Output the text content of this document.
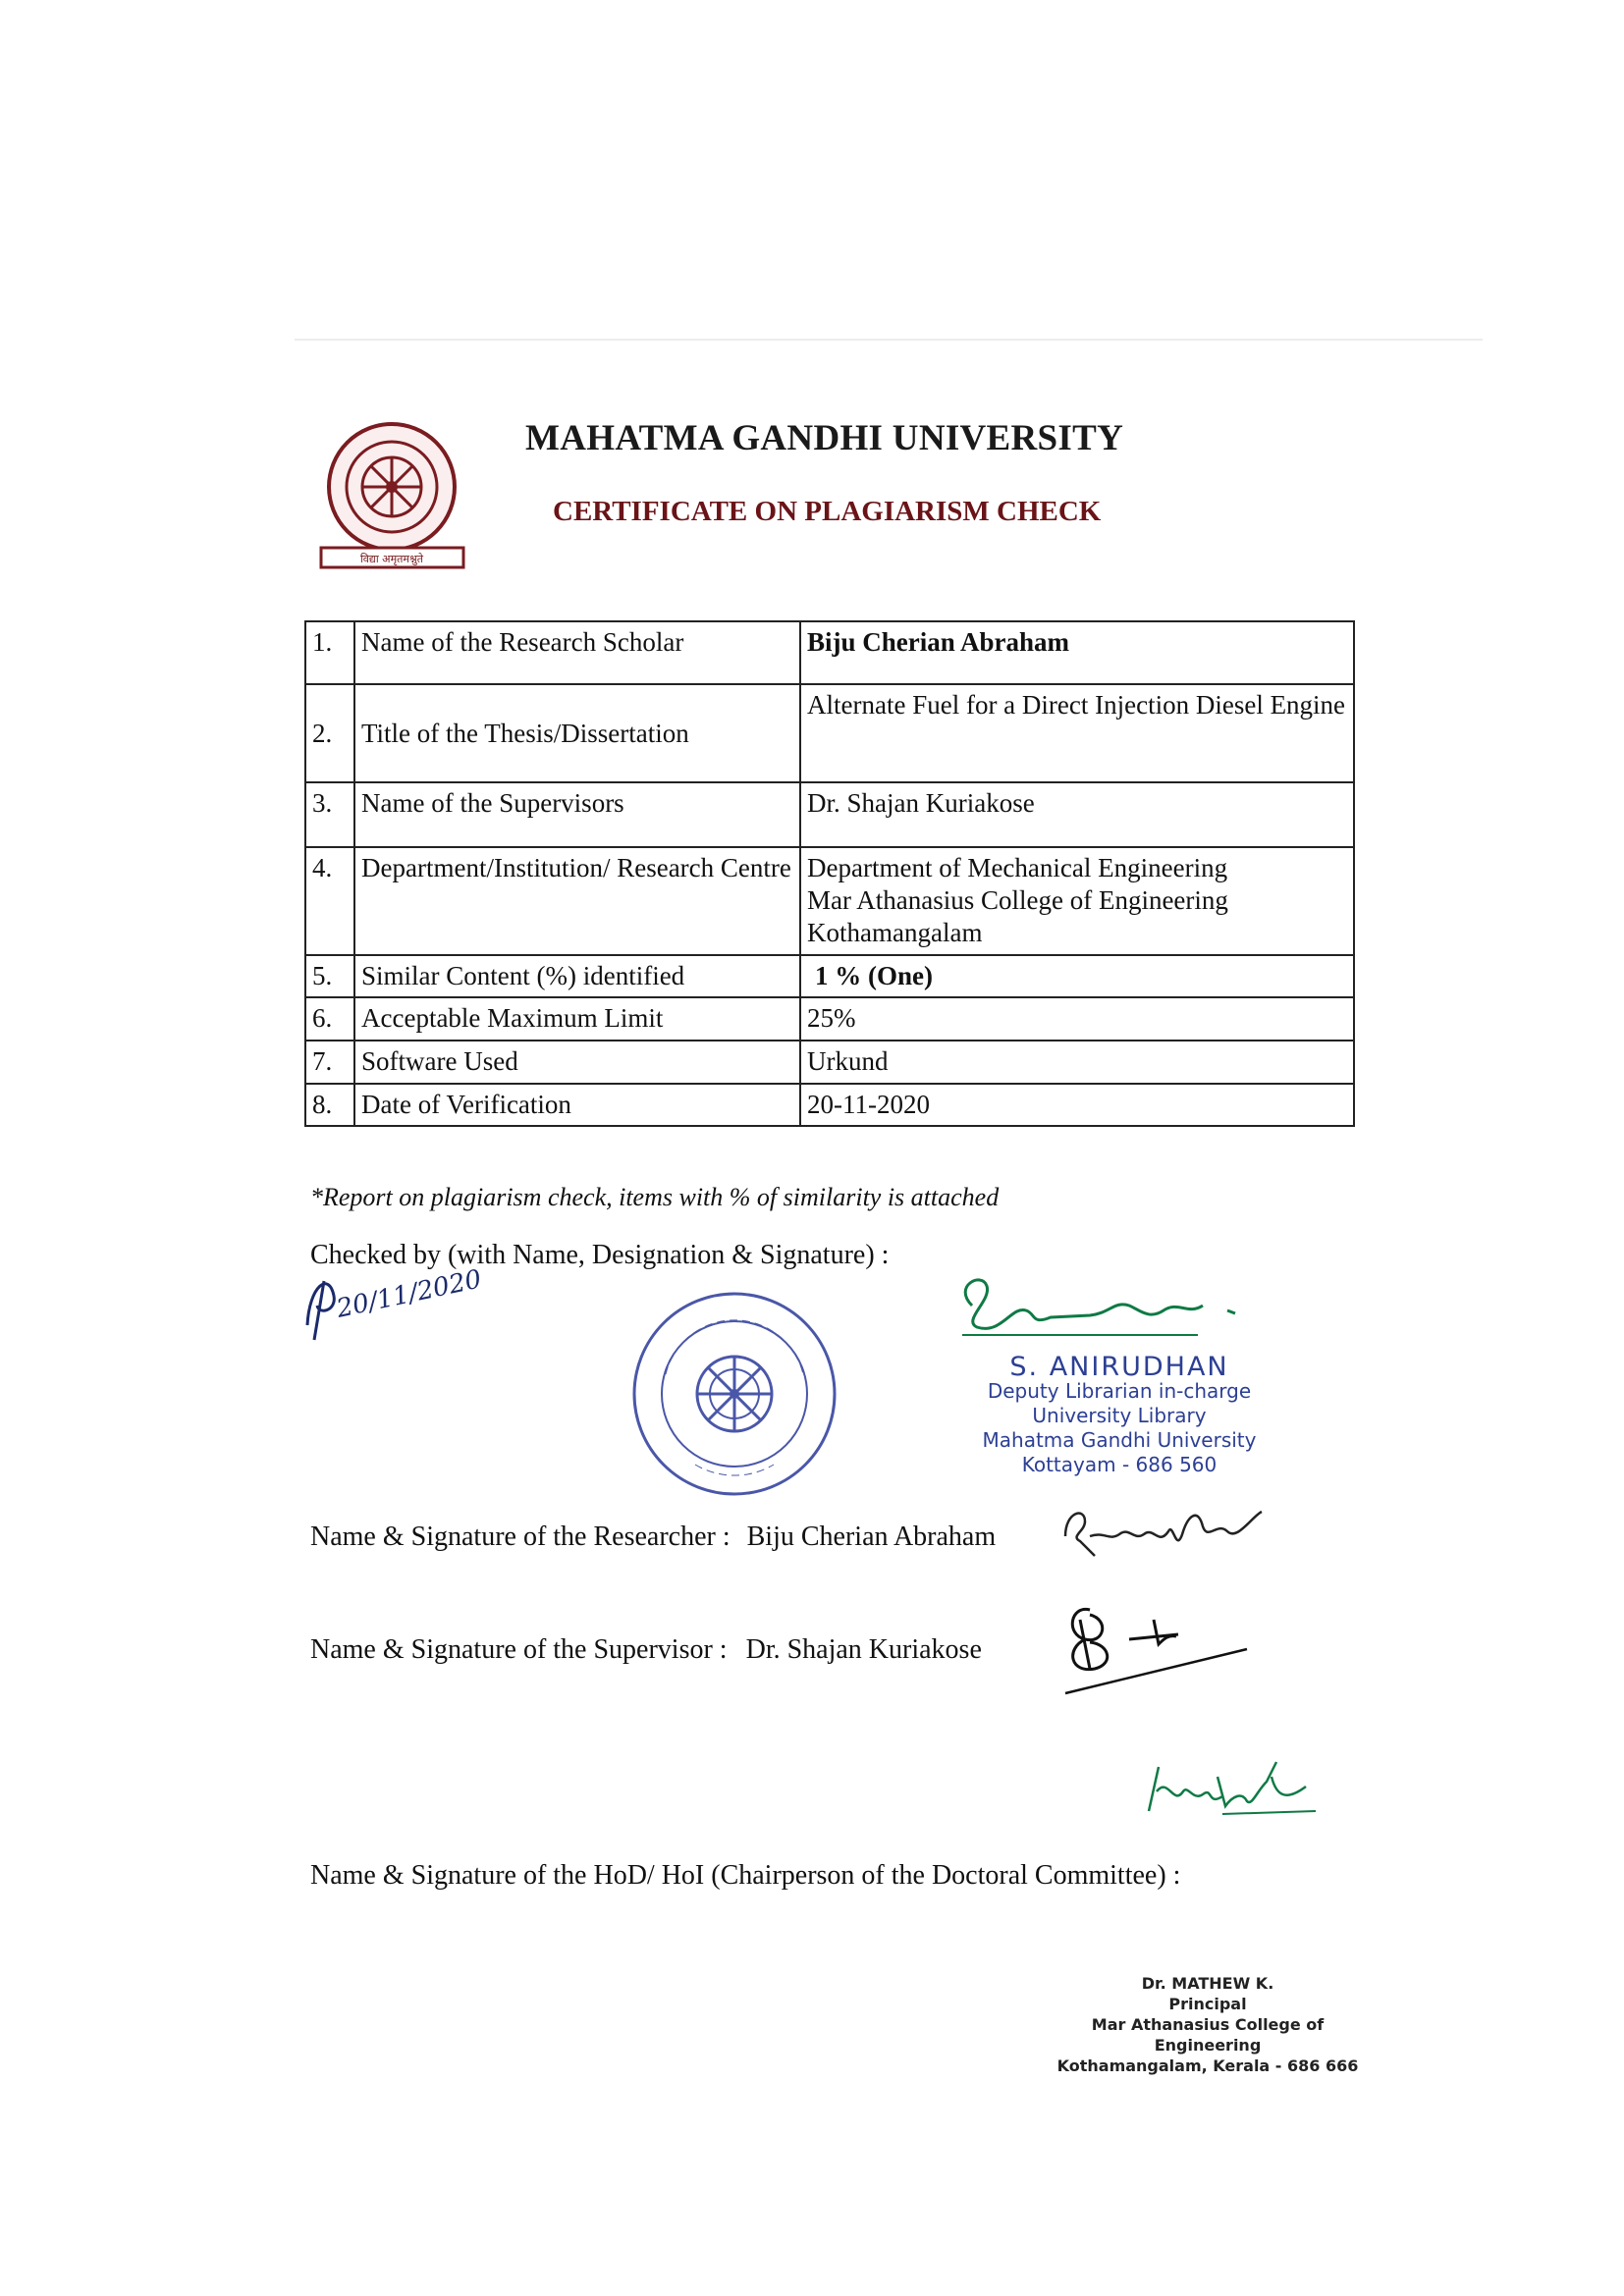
विद्या अमृतमश्नुते
MAHATMA GANDHI UNIVERSITY
CERTIFICATE ON PLAGIARISM CHECK
1.	Name of the Research Scholar	Biju Cherian Abraham
2.	Title of the Thesis/Dissertation	Alternate Fuel for a Direct Injection Diesel Engine
3.	Name of the Supervisors	Dr. Shajan Kuriakose
4.	Department/Institution/ Research Centre	Department of Mechanical Engineering
Mar Athanasius College of Engineering
Kothamangalam

5.	Similar Content (%) identified	1 % (One)
6.	Acceptable Maximum Limit	25%
7.	Software Used	Urkund
8.	Date of Verification	20-11-2020
*Report on plagiarism check, items with % of similarity is attached
Checked by (with Name, Designation & Signature) :
20/11/2020
S. ANIRUDHAN
Deputy Librarian in-charge
University Library
Mahatma Gandhi University
Kottayam - 686 560
Name & Signature of the Researcher : Biju Cherian Abraham
Name & Signature of the Supervisor : Dr. Shajan Kuriakose
Name & Signature of the HoD/ HoI (Chairperson of the Doctoral Committee) :
Dr. MATHEW K.
Principal
Mar Athanasius College of Engineering
Kothamangalam, Kerala - 686 666
